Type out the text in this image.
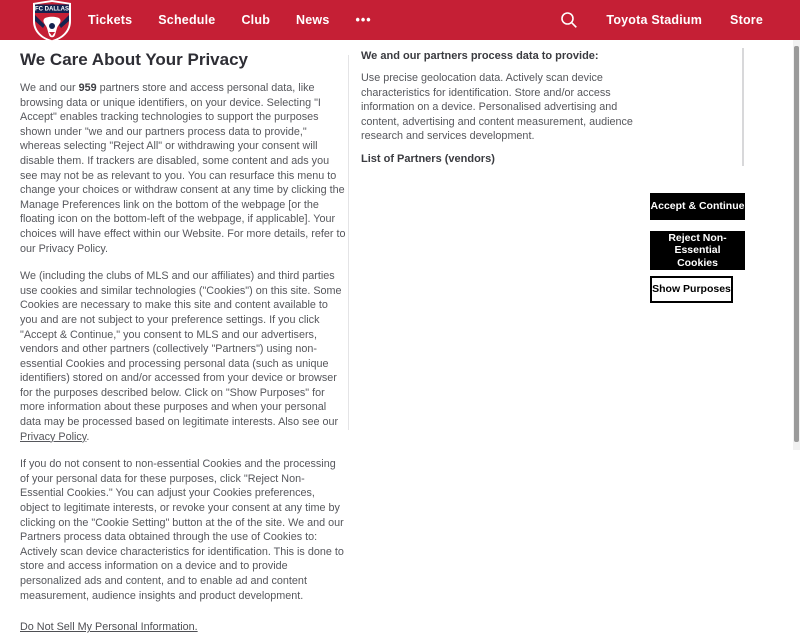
FC DALLAS
Tickets Schedule Club News •••	Toyota Stadium Store
We Care About Your Privacy

We and our 959 partners store and access personal data, like browsing data or unique identifiers, on your device. Selecting "I Accept" enables tracking technologies to support the purposes shown under "we and our partners process data to provide," whereas selecting "Reject All" or withdrawing your consent will disable them. If trackers are disabled, some content and ads you see may not be as relevant to you. You can resurface this menu to change your choices or withdraw consent at any time by clicking the Manage Preferences link on the bottom of the webpage [or the floating icon on the bottom-left of the webpage, if applicable]. Your choices will have effect within our Website. For more details, refer to our Privacy Policy.

We (including the clubs of MLS and our affiliates) and third parties use cookies and similar technologies ("Cookies") on this site. Some Cookies are necessary to make this site and content available to you and are not subject to your preference settings. If you click "Accept & Continue," you consent to MLS and our advertisers, vendors and other partners (collectively "Partners") using non-essential Cookies and processing personal data (such as unique identifiers) stored on and/or accessed from your device or browser for the purposes described below. Click on "Show Purposes" for more information about these purposes and when your personal data may be processed based on legitimate interests. Also see our Privacy Policy.

If you do not consent to non-essential Cookies and the processing of your personal data for these purposes, click "Reject Non-Essential Cookies." You can adjust your Cookies preferences, object to legitimate interests, or revoke your consent at any time by clicking on the "Cookie Setting" button at the of the site. We and our Partners process data obtained through the use of Cookies to: Actively scan device characteristics for identification. This is done to store and access information on a device and to provide personalized ads and content, and to enable ad and content measurement, audience insights and product development.

Do Not Sell My Personal Information.
We and our partners process data to provide:

Use precise geolocation data. Actively scan device characteristics for identification. Store and/or access information on a device. Personalised advertising and content, advertising and content measurement, audience research and services development.

List of Partners (vendors)
Accept & Continue
Reject Non-Essential Cookies
Show Purposes
